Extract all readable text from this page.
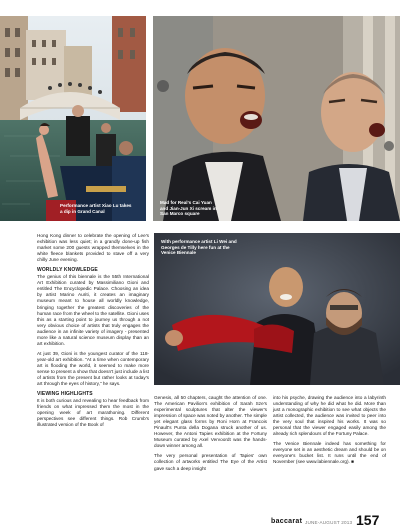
Performance artist Xiao Lu takes
a dip in Grand Canal
Mad for Real's Cai Yuan
and Jian-Jun Xi scream in
San Marco square
With performance artist Li Wei and
Georges de Tilly here fun at the
Venice Biennale

Hong Kong dinner to celebrate the opening of Lee's exhibition was less quiet; in a grandly done-up fish market some 200 guests wrapped themselves in the white fleece blankets provided to stave off a very chilly June evening.

WORLDLY KNOWLEDGE

The genius of this biennale is the 55th International Art Exhibition curated by Massimiliano Gioni and entitled The Encyclopedic Palace. Choosing an idea by artist Marino Auriti, it creates an imaginary museum meant to house all worldly knowledge, bringing together the greatest discoveries of the human race from the wheel to the satellite. Gioni uses this as a starting point to journey us through a not very obvious choice of artists that truly engages the audience in an infinite variety of imagery - presented more like a natural science museum display than an art exhibition.

At just 39, Gioni is the youngest curator of the 118-year-old art exhibition. "At a time when contemporary art is flooding the world, it seemed to make more sense to present a show that doesn't just include a list of artists from the present but rather looks at today's art through the eyes of history," he says.

VIEWING HIGHLIGHTS

It is both curious and revealing to hear feedback from friends on what impressed them the most in the opening week of art marathoning. Different perspectives see different things. Rob Crumb's illustrated version of the Book of

Genesis, all 50 chapters, caught the attention of one. The American Pavilion's exhibition of Sarah Sze's experimental sculptures that alter the viewer's impression of space was noted by another. The simple yet elegant glass forms by Roni Horn at Francois Pinault's Punta della Dogana struck another of us. However, the Antoni Tapies exhibition at the Fortuny Museum curated by Axel Vervoordt was the hands-down winner among all.

The very personal presentation of Tapies' own collection of artworks entitled The Eye of the Artist gave such a deep insight

into his psyche, drawing the audience into a labyrinth understanding of why he did what he did. More than just a monographic exhibition to see what objects the artist collected, the audience was invited to peer into the very soul that inspired his works. It was so personal that the viewer engaged easily among the already rich splendours of the Fortuny Palace.

The Venice Biennale indeed has something for everyone set in an aesthetic dream and should be on everyone's bucket list. It runs until the end of November (see www.labiennale.org). ■

baccarat JUNE-AUGUST 2013 157
